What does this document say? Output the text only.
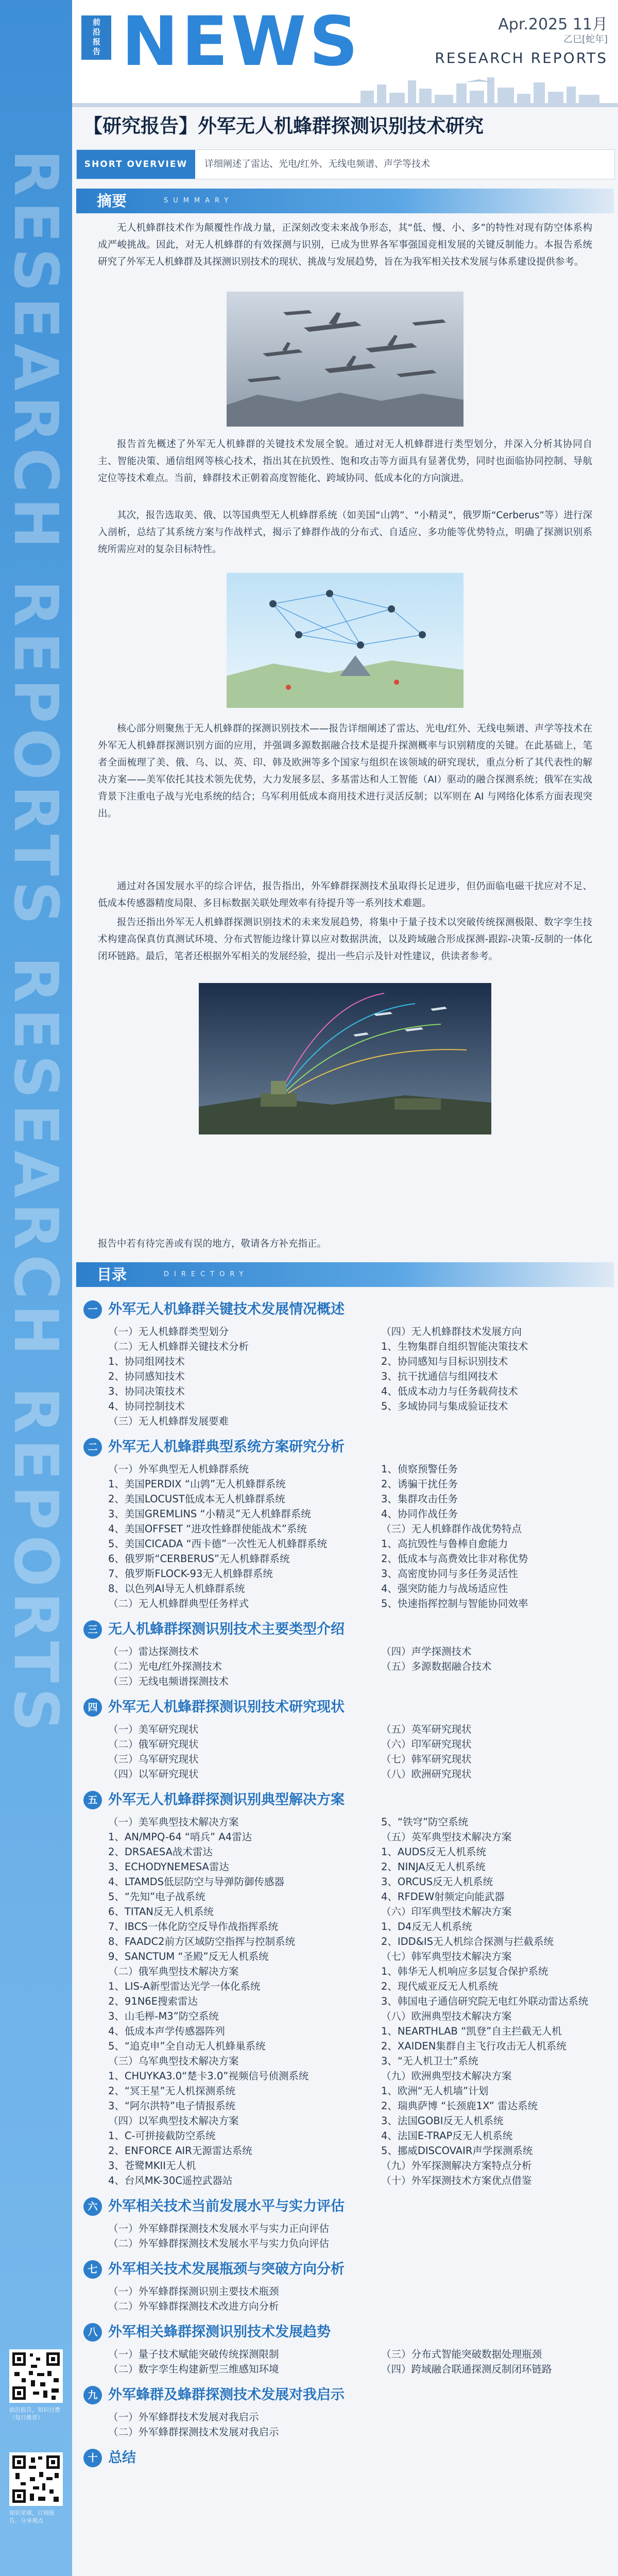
RESEARCH REPORTS RESEARCH REPORTS
前沿报告，知识付费（每日推荐）
知识星球，订阅报告，分享观点
前沿报告 NEWS	Apr.2025 11月
乙巳[蛇年]
RESEARCH REPORTS
【研究报告】外军无人机蜂群探测识别技术研究
SHORT OVERVIEW	详细阐述了雷达、光电/红外、无线电频谱、声学等技术
摘要	SUMMARY
无人机蜂群技术作为颠覆性作战力量，正深刻改变未来战争形态，其“低、慢、小、多”的特性对现有防空体系构成严峻挑战。因此，对无人机蜂群的有效探测与识别，已成为世界各军事强国竞相发展的关键反制能力。本报告系统研究了外军无人机蜂群及其探测识别技术的现状、挑战与发展趋势，旨在为我军相关技术发展与体系建设提供参考。
报告首先概述了外军无人机蜂群的关键技术发展全貌。通过对无人机蜂群进行类型划分，并深入分析其协同自主、智能决策、通信组网等核心技术，指出其在抗毁性、饱和攻击等方面具有显著优势，同时也面临协同控制、导航定位等技术难点。当前，蜂群技术正朝着高度智能化、跨域协同、低成本化的方向演进。
其次，报告选取美、俄、以等国典型无人机蜂群系统（如美国“山鹑”、“小精灵”，俄罗斯“Cerberus”等）进行深入剖析，总结了其系统方案与作战样式，揭示了蜂群作战的分布式、自适应、多功能等优势特点，明确了探测识别系统所需应对的复杂目标特性。
核心部分则聚焦于无人机蜂群的探测识别技术——报告详细阐述了雷达、光电/红外、无线电频谱、声学等技术在外军无人机蜂群探测识别方面的应用，并强调多源数据融合技术是提升探测概率与识别精度的关键。在此基础上，笔者全面梳理了美、俄、乌、以、英、印、韩及欧洲等多个国家与组织在该领域的研究现状，重点分析了其代表性的解决方案——美军依托其技术领先优势，大力发展多层、多基雷达和人工智能（AI）驱动的融合探测系统；俄军在实战背景下注重电子战与光电系统的结合；乌军利用低成本商用技术进行灵活反制；以军则在 AI 与网络化体系方面表现突出。
通过对各国发展水平的综合评估，报告指出，外军蜂群探测技术虽取得长足进步，但仍面临电磁干扰应对不足、低成本传感器精度局限、多目标数据关联处理效率有待提升等一系列技术难题。
报告还指出外军无人机蜂群探测识别技术的未来发展趋势，将集中于量子技术以突破传统探测极限、数字孪生技术构建高保真仿真测试环境、分布式智能边缘计算以应对数据洪流，以及跨域融合形成探测-跟踪-决策-反制的一体化闭环链路。最后，笔者还根据外军相关的发展经验，提出一些启示及针对性建议，供读者参考。
报告中若有待完善或有误的地方，敬请各方补充指正。
目录	DIRECTORY
一 外军无人机蜂群关键技术发展情况概述
（一）无人机蜂群类型划分
（二）无人机蜂群关键技术分析
1、协同组网技术
2、协同感知技术
3、协同决策技术
4、协同控制技术
（三）无人机蜂群发展要难
（四）无人机蜂群技术发展方向
1、生物集群自组织智能决策技术
2、协同感知与目标识别技术
3、抗干扰通信与组网技术
4、低成本动力与任务载荷技术
5、多域协同与集成验证技术
二 外军无人机蜂群典型系统方案研究分析
（一）外军典型无人机蜂群系统
1、美国PERDIX “山鹑”无人机蜂群系统
2、美国LOCUST低成本无人机蜂群系统
3、美国GREMLINS “小精灵”无人机蜂群系统
4、美国OFFSET “进攻性蜂群使能战术”系统
5、美国CICADA “西卡德”一次性无人机蜂群系统
6、俄罗斯“CERBERUS”无人机蜂群系统
7、俄罗斯FLOCK-93无人机蜂群系统
8、以色列AI导无人机蜂群系统
（二）无人机蜂群典型任务样式
1、侦察预警任务
2、诱骗干扰任务
3、集群攻击任务
4、协同作战任务
（三）无人机蜂群作战优势特点
1、高抗毁性与鲁棒自愈能力
2、低成本与高费效比非对称优势
3、高密度协同与多任务灵活性
4、强突防能力与战场适应性
5、快速指挥控制与智能协同效率
三 无人机蜂群探测识别技术主要类型介绍
（一）雷达探测技术
（二）光电/红外探测技术
（三）无线电频谱探测技术
（四）声学探测技术
（五）多源数据融合技术
四 外军无人机蜂群探测识别技术研究现状
（一）美军研究现状
（二）俄军研究现状
（三）乌军研究现状
（四）以军研究现状
（五）英军研究现状
（六）印军研究现状
（七）韩军研究现状
（八）欧洲研究现状
五 外军无人机蜂群探测识别典型解决方案
（一）美军典型技术解决方案
1、AN/MPQ-64 “哨兵” A4雷达
2、DRSAESA战术雷达
3、ECHODYNEMESA雷达
4、LTAMDS低层防空与导弹防御传感器
5、“先知”电子战系统
6、TITAN反无人机系统
7、IBCS一体化防空反导作战指挥系统
8、FAADC2前方区域防空指挥与控制系统
9、SANCTUM “圣殿”反无人机系统
（二）俄军典型技术解决方案
1、LIS-A新型雷达光学一体化系统
2、91N6E搜索雷达
3、山毛榉-M3”防空系统
4、低成本声学传感器阵列
5、“追克申”全自动无人机蜂巢系统
（三）乌军典型技术解决方案
1、CHUYKA3.0“楚卡3.0”视频信号侦测系统
2、“冥王星”无人机探测系统
3、“阿尔洪特”电子情报系统
（四）以军典型技术解决方案
1、C-可拼接截防空系统
2、ENFORCE AIR无源雷达系统
3、苍鹭MKII无人机
4、台风MK-30C遥控武器站
5、“铁穹”防空系统
（五）英军典型技术解决方案
1、AUDS反无人机系统
2、NINJA反无人机系统
3、ORCUS反无人机系统
4、RFDEW射频定向能武器
（六）印军典型技术解决方案
1、D4反无人机系统
2、IDD&IS无人机综合探测与拦截系统
（七）韩军典型技术解决方案
1、韩华无人机响应多层复合保护系统
2、现代威亚反无人机系统
3、韩国电子通信研究院无电红外联动雷达系统
（八）欧洲典型技术解决方案
1、NEARTHLAB “凯登”自主拦截无人机
2、XAIDEN集群自主飞行攻击无人机系统
3、“无人机卫士”系统
（九）欧洲典型技术解决方案
1、欧洲“无人机墙”计划
2、瑞典萨博 “长颈鹿1X” 雷达系统
3、法国GOBI反无人机系统
4、法国E-TRAP反无人机系统
5、挪威DISCOVAIR声学探测系统
（九）外军探测解决方案特点分析
（十）外军探测技术方案优点借鉴
六 外军相关技术当前发展水平与实力评估
（一）外军蜂群探测技术发展水平与实力正向评估
（二）外军蜂群探测技术发展水平与实力负向评估
七 外军相关技术发展瓶颈与突破方向分析
（一）外军蜂群探测识别主要技术瓶颈
（二）外军蜂群探测技术改进方向分析
八 外军相关蜂群探测识别技术发展趋势
（一）量子技术赋能突破传统探测限制
（二）数字孪生构建新型三维感知环境
（三）分布式智能突破数据处理瓶颈
（四）跨域融合联通探测反制闭环链路
九 外军蜂群及蜂群探测技术发展对我启示
（一）外军蜂群技术发展对我启示
（二）外军蜂群探测技术发展对我启示
十 总结
